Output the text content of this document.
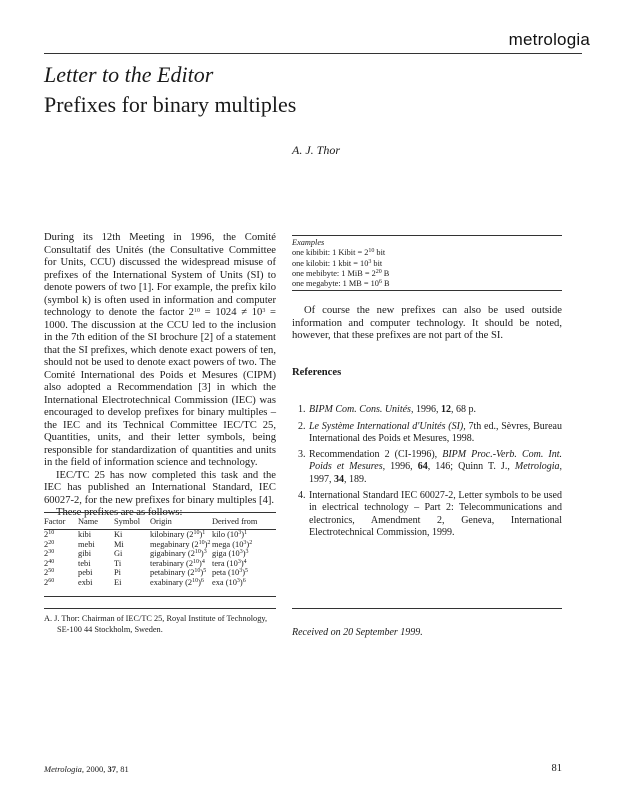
metrologia
Letter to the Editor
Prefixes for binary multiples
A. J. Thor

During its 12th Meeting in 1996, the Comité Consultatif des Unités (the Consultative Committee for Units, CCU) discussed the widespread misuse of prefixes of the International System of Units (SI) to denote powers of two [1]. For example, the prefix kilo (symbol k) is often used in information and computer technology to denote the factor $2^{10} = 1024 \ne 10^3 = 1000$. The discussion at the CCU led to the inclusion in the 7th edition of the SI brochure [2] of a statement that the SI prefixes, which denote exact powers of ten, should not be used to denote exact powers of two. The Comité International des Poids et Mesures (CIPM) also adopted a Recommendation [3] in which the International Electrotechnical Commission (IEC) was encouraged to develop prefixes for binary multiples – the IEC and its Technical Committee IEC/TC 25, Quantities, units, and their letter symbols, being responsible for standardization of quantities and units in the field of information science and technology.

IEC/TC 25 has now completed this task and the IEC has published an International Standard, IEC 60027-2, for the new prefixes for binary multiples [4].

Factor	Name	Symbol	Origin	Derived from
$2^{10}$	kibi	Ki	kilobinary $(2^{10})^1$	kilo $(10^3)^1$
$2^{20}$	mebi	Mi	megabinary $(2^{10})^2$	mega $(10^3)^2$
$2^{30}$	gibi	Gi	gigabinary $(2^{10})^3$	giga $(10^3)^3$
$2^{40}$	tebi	Ti	terabinary $(2^{10})^4$	tera $(10^3)^4$
$2^{50}$	pebi	Pi	petabinary $(2^{10})^5$	peta $(10^3)^5$
$2^{60}$	exbi	Ei	exabinary $(2^{10})^6$	exa $(10^3)^6$
Examples
one kibibit: 1 Kibit = $2^{10}$ bit
one kilobit: 1 kbit = $10^3$ bit
one mebibyte: 1 MiB = $2^{20}$ B
one megabyte: 1 MB = $10^6$ B

Of course the new prefixes can also be used outside information and computer technology. It should be noted, however, that these prefixes are not part of the SI.

References
1. BIPM Com. Cons. Unités, 1996, 12, 68 p.
2. Le Système International d'Unités (SI), 7th ed., Sèvres, Bureau International des Poids et Mesures, 1998.
3. Recommendation 2 (CI-1996), BIPM Proc.-Verb. Com. Int. Poids et Mesures, 1996, 64, 146; Quinn T. J., Metrologia, 1997, 34, 189.
4. International Standard IEC 60027-2, Letter symbols to be used in electrical technology – Part 2: Telecommunications and electronics, Amendment 2, Geneva, International Electrotechnical Commission, 1999.
A. J. Thor: Chairman of IEC/TC 25, Royal Institute of Technology,
SE-100 44 Stockholm, Sweden.	Received on 20 September 1999.
Metrologia, 2000, 37, 81	81
